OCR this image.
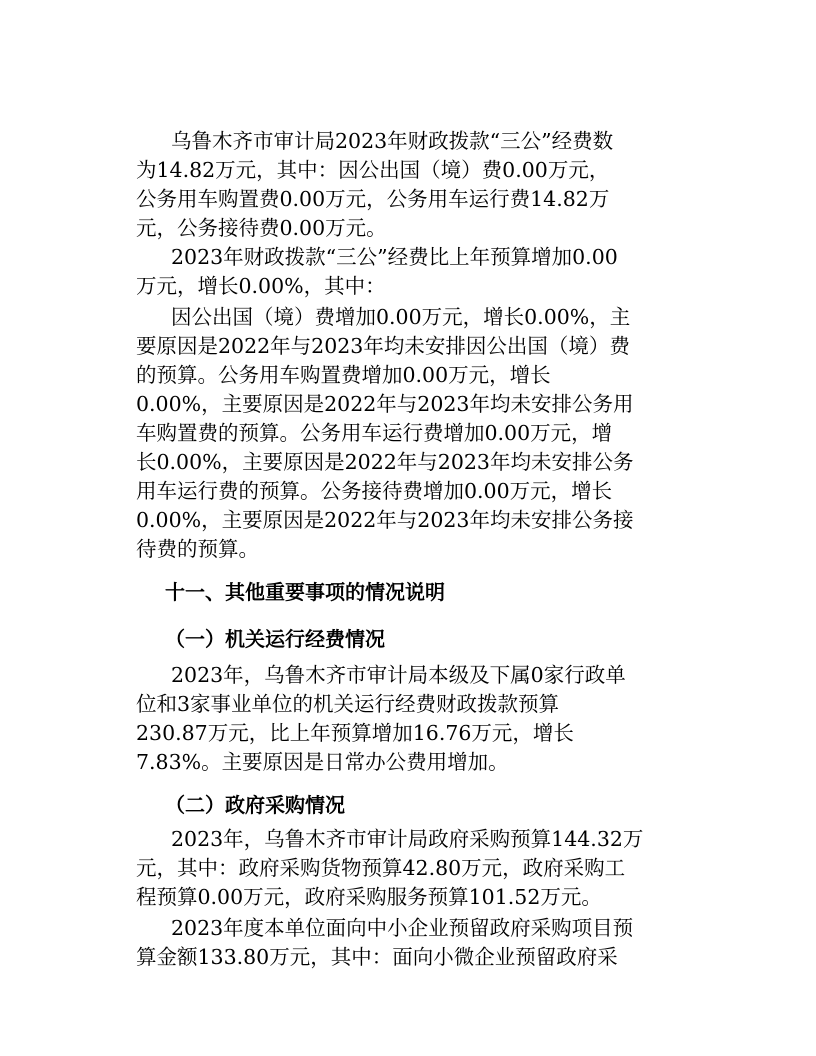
乌鲁木齐市审计局2023年财政拨款“三公”经费数

为14.82万元，其中：因公出国（境）费0.00万元，

公务用车购置费0.00万元，公务用车运行费14.82万

元，公务接待费0.00万元。

2023年财政拨款“三公”经费比上年预算增加0.00

万元，增长0.00%，其中：

因公出国（境）费增加0.00万元，增长0.00%，主

要原因是2022年与2023年均未安排因公出国（境）费

的预算。公务用车购置费增加0.00万元，增长

0.00%，主要原因是2022年与2023年均未安排公务用

车购置费的预算。公务用车运行费增加0.00万元，增

长0.00%，主要原因是2022年与2023年均未安排公务

用车运行费的预算。公务接待费增加0.00万元，增长

0.00%，主要原因是2022年与2023年均未安排公务接

待费的预算。

十一、其他重要事项的情况说明
（一）机关运行经费情况

2023年，乌鲁木齐市审计局本级及下属0家行政单

位和3家事业单位的机关运行经费财政拨款预算

230.87万元，比上年预算增加16.76万元，增长

7.83%。主要原因是日常办公费用增加。

（二）政府采购情况

2023年，乌鲁木齐市审计局政府采购预算144.32万

元，其中：政府采购货物预算42.80万元，政府采购工

程预算0.00万元，政府采购服务预算101.52万元。

2023年度本单位面向中小企业预留政府采购项目预

算金额133.80万元，其中：面向小微企业预留政府采
